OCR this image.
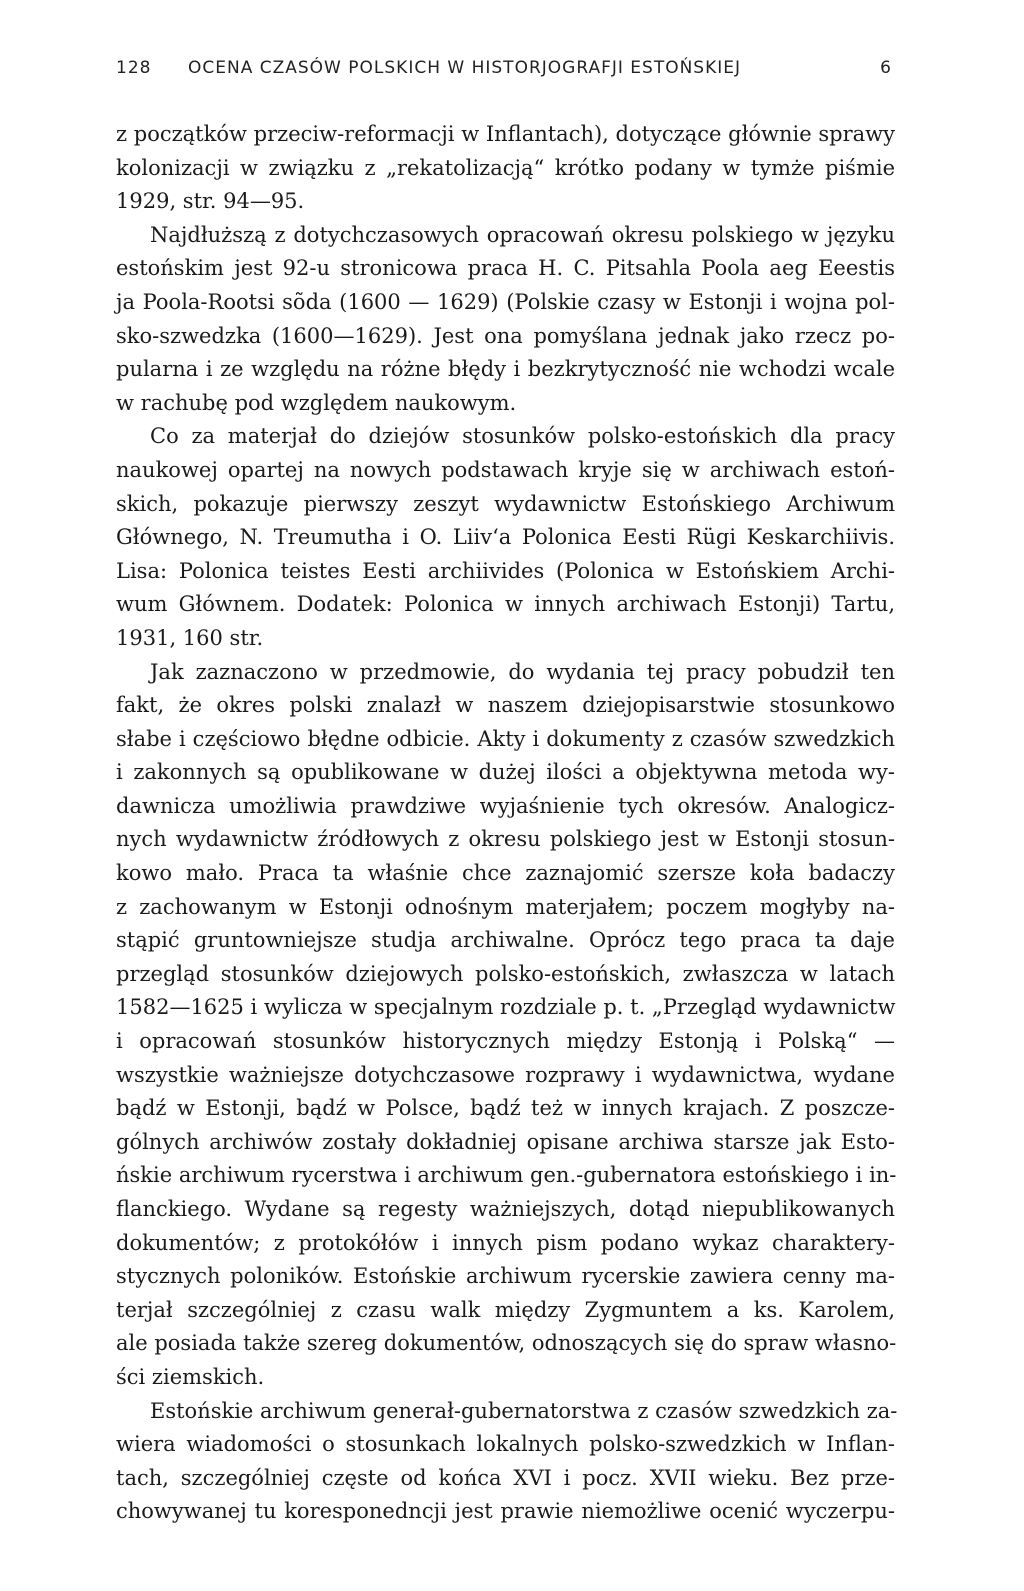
128 OCENA CZASÓW POLSKICH W HISTORJOGRAFJI ESTOŃSKIEJ	6
z początków przeciw-reformacji w Inflantach), dotyczące głównie sprawy
kolonizacji w związku z „rekatolizacją“ krótko podany w tymże piśmie
1929, str. 94—95.
Najdłuższą z dotychczasowych opracowań okresu polskiego w języku
estońskim jest 92-u stronicowa praca H. C. Pitsahla Poola aeg Eeestis
ja Poola-Rootsi sõda (1600 — 1629) (Polskie czasy w Estonji i wojna pol-
sko-szwedzka (1600—1629). Jest ona pomyślana jednak jako rzecz po-
pularna i ze względu na różne błędy i bezkrytyczność nie wchodzi wcale
w rachubę pod względem naukowym.
Co za materjał do dziejów stosunków polsko-estońskich dla pracy
naukowej opartej na nowych podstawach kryje się w archiwach estoń-
skich, pokazuje pierwszy zeszyt wydawnictw Estońskiego Archiwum
Głównego, N. Treumutha i O. Liiv‘a Polonica Eesti Rügi Keskarchiivis.
Lisa: Polonica teistes Eesti archiivides (Polonica w Estońskiem Archi-
wum Głównem. Dodatek: Polonica w innych archiwach Estonji) Tartu,
1931, 160 str.
Jak zaznaczono w przedmowie, do wydania tej pracy pobudził ten
fakt, że okres polski znalazł w naszem dziejopisarstwie stosunkowo
słabe i częściowo błędne odbicie. Akty i dokumenty z czasów szwedzkich
i zakonnych są opublikowane w dużej ilości a objektywna metoda wy-
dawnicza umożliwia prawdziwe wyjaśnienie tych okresów. Analogicz-
nych wydawnictw źródłowych z okresu polskiego jest w Estonji stosun-
kowo mało. Praca ta właśnie chce zaznajomić szersze koła badaczy
z zachowanym w Estonji odnośnym materjałem; poczem mogłyby na-
stąpić gruntowniejsze studja archiwalne. Oprócz tego praca ta daje
przegląd stosunków dziejowych polsko-estońskich, zwłaszcza w latach
1582—1625 i wylicza w specjalnym rozdziale p. t. „Przegląd wydawnictw
i opracowań stosunków historycznych między Estonją i Polską“ —
wszystkie ważniejsze dotychczasowe rozprawy i wydawnictwa, wydane
bądź w Estonji, bądź w Polsce, bądź też w innych krajach. Z poszcze-
gólnych archiwów zostały dokładniej opisane archiwa starsze jak Esto-
ńskie archiwum rycerstwa i archiwum gen.-gubernatora estońskiego i in-
flanckiego. Wydane są regesty ważniejszych, dotąd niepublikowanych
dokumentów; z protokółów i innych pism podano wykaz charaktery-
stycznych poloników. Estońskie archiwum rycerskie zawiera cenny ma-
terjał szczególniej z czasu walk między Zygmuntem a ks. Karolem,
ale posiada także szereg dokumentów, odnoszących się do spraw własno-
ści ziemskich.
Estońskie archiwum generał-gubernatorstwa z czasów szwedzkich za-
wiera wiadomości o stosunkach lokalnych polsko-szwedzkich w Inflan-
tach, szczególniej częste od końca XVI i pocz. XVII wieku. Bez prze-
chowywanej tu koresponedncji jest prawie niemożliwe ocenić wyczerpu-
